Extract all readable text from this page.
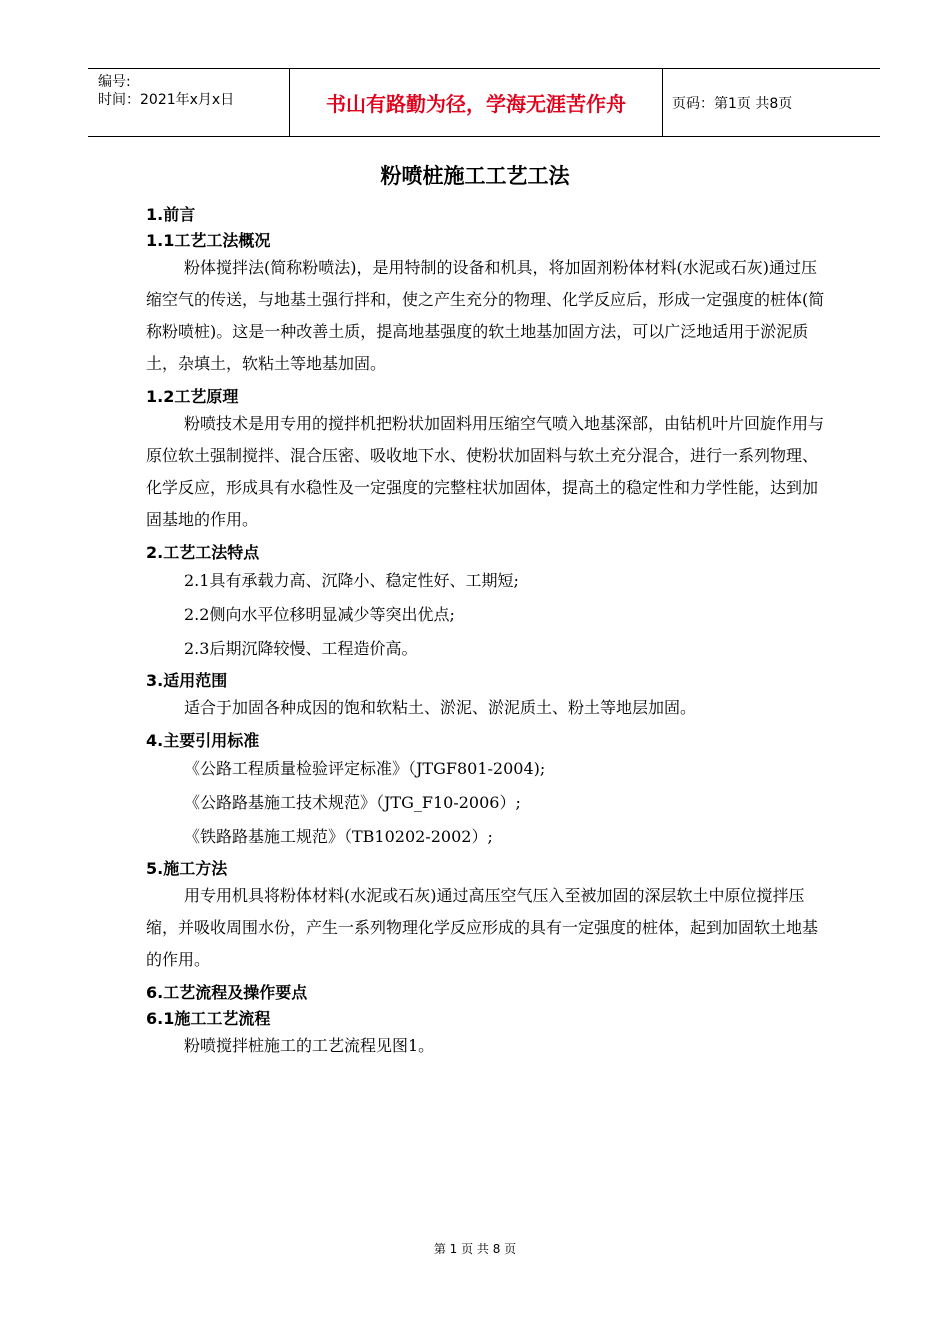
编号:
时间：2021年x月x日	书山有路勤为径，学海无涯苦作舟	页码：第1页 共8页
粉喷桩施工工艺工法

1.前言

1.1工艺工法概况

粉体搅拌法(简称粉喷法)，是用特制的设备和机具，将加固剂粉体材料(水泥或石灰)通过压缩空气的传送，与地基土强行拌和，使之产生充分的物理、化学反应后，形成一定强度的桩体(简称粉喷桩)。这是一种改善土质，提高地基强度的软土地基加固方法，可以广泛地适用于淤泥质土，杂填土，软粘土等地基加固。

1.2工艺原理

粉喷技术是用专用的搅拌机把粉状加固料用压缩空气喷入地基深部，由钻机叶片回旋作用与原位软土强制搅拌、混合压密、吸收地下水、使粉状加固料与软土充分混合，进行一系列物理、化学反应，形成具有水稳性及一定强度的完整柱状加固体，提高土的稳定性和力学性能，达到加固基地的作用。

2.工艺工法特点

2.1具有承载力高、沉降小、稳定性好、工期短;

2.2侧向水平位移明显减少等突出优点;

2.3后期沉降较慢、工程造价高。

3.适用范围

适合于加固各种成因的饱和软粘土、淤泥、淤泥质土、粉土等地层加固。

4.主要引用标准

《公路工程质量检验评定标准》（JTGF801-2004);

《公路路基施工技术规范》（JTG_F10-2006）;

《铁路路基施工规范》（TB10202-2002）;

5.施工方法

用专用机具将粉体材料(水泥或石灰)通过高压空气压入至被加固的深层软土中原位搅拌压缩，并吸收周围水份，产生一系列物理化学反应形成的具有一定强度的桩体，起到加固软土地基的作用。

6.工艺流程及操作要点

6.1施工工艺流程

粉喷搅拌桩施工的工艺流程见图1。

第 1 页 共 8 页
